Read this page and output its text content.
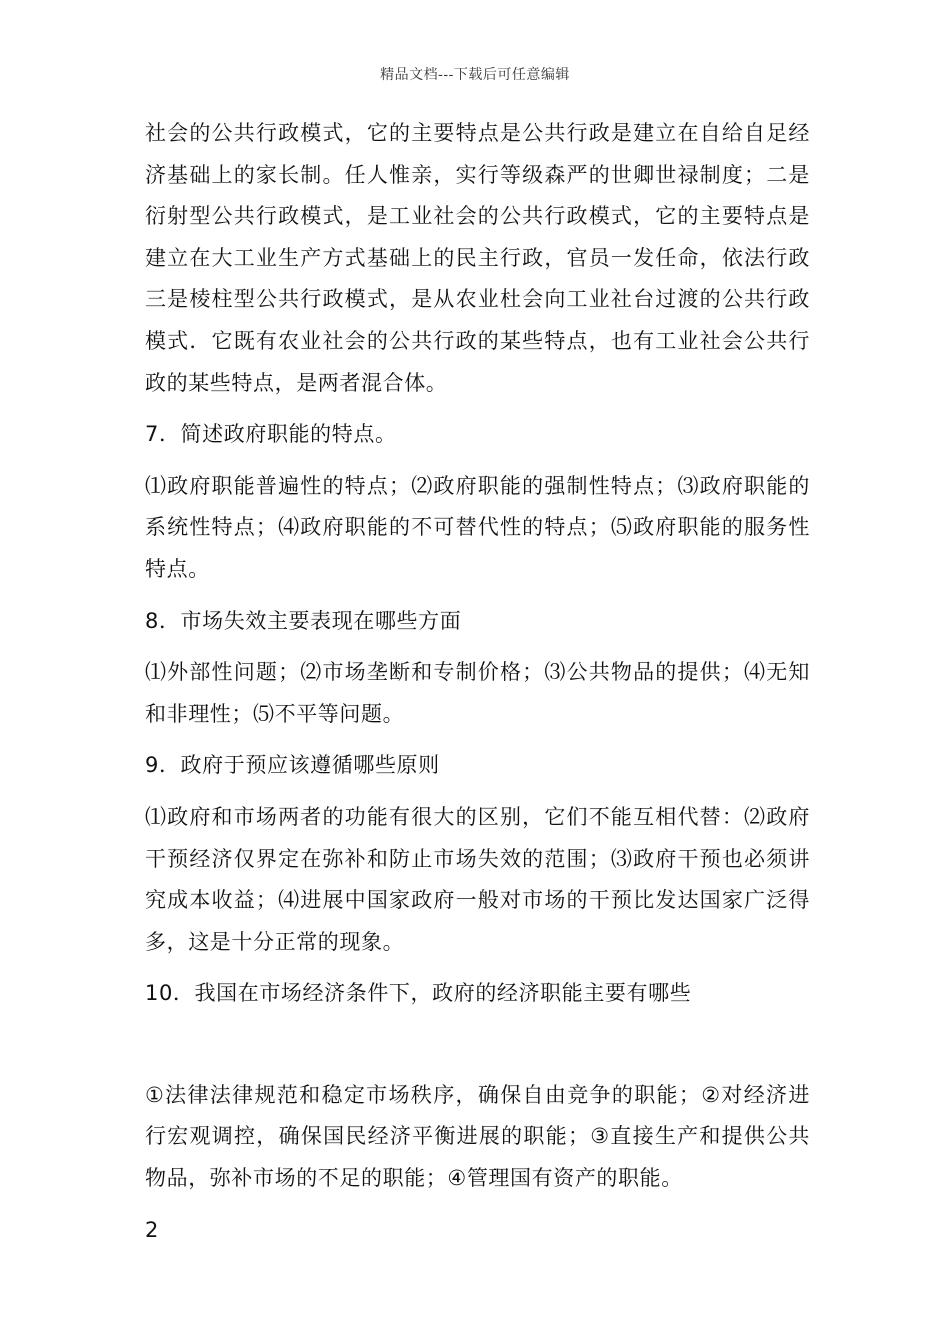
精品文档---下载后可任意编辑

社会的公共行政模式，它的主要特点是公共行政是建立在自给自足经济基础上的家长制。任人惟亲，实行等级森严的世卿世禄制度；二是衍射型公共行政模式，是工业社会的公共行政模式，它的主要特点是建立在大工业生产方式基础上的民主行政，官员一发任命，依法行政三是棱柱型公共行政模式，是从农业杜会向工业社台过渡的公共行政模式．它既有农业社会的公共行政的某些特点，也有工业社会公共行政的某些特点，是两者混合体。

7．简述政府职能的特点。

⑴政府职能普遍性的特点；⑵政府职能的强制性特点；⑶政府职能的系统性特点；⑷政府职能的不可替代性的特点；⑸政府职能的服务性特点。

8．市场失效主要表现在哪些方面

⑴外部性问题；⑵市场垄断和专制价格；⑶公共物品的提供；⑷无知和非理性；⑸不平等问题。

9．政府于预应该遵循哪些原则

⑴政府和市场两者的功能有很大的区别，它们不能互相代替：⑵政府干预经济仅界定在弥补和防止市场失效的范围；⑶政府干预也必须讲究成本收益；⑷进展中国家政府一般对市场的干预比发达国家广泛得多，这是十分正常的现象。

10．我国在市场经济条件下，政府的经济职能主要有哪些

①法律法律规范和稳定市场秩序，确保自由竞争的职能；②对经济进行宏观调控，确保国民经济平衡进展的职能；③直接生产和提供公共物品，弥补市场的不足的职能；④管理国有资产的职能。

2
